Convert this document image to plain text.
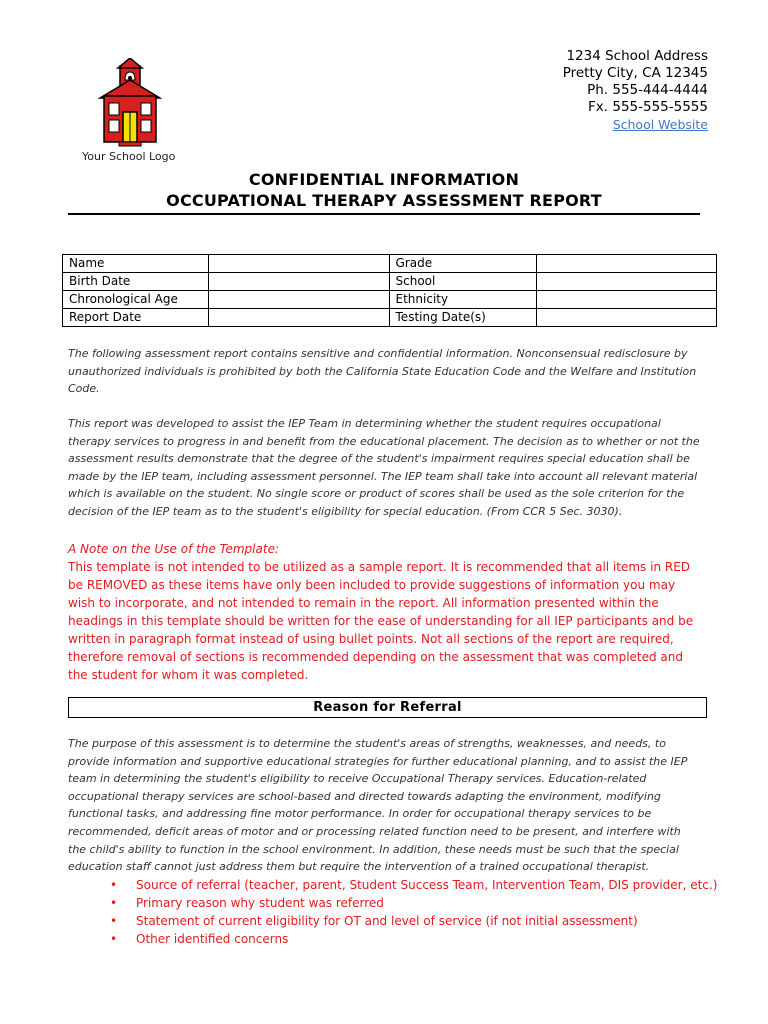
Your School Logo
1234 School Address
Pretty City, CA 12345
Ph. 555-444-4444
Fx. 555-555-5555
School Website
CONFIDENTIAL INFORMATION
OCCUPATIONAL THERAPY ASSESSMENT REPORT
Name		Grade	
Birth Date		School	
Chronological Age		Ethnicity	
Report Date		Testing Date(s)	
The following assessment report contains sensitive and confidential information. Nonconsensual redisclosure by unauthorized individuals is prohibited by both the California State Education Code and the Welfare and Institution Code.
This report was developed to assist the IEP Team in determining whether the student requires occupational therapy services to progress in and benefit from the educational placement. The decision as to whether or not the assessment results demonstrate that the degree of the student's impairment requires special education shall be made by the IEP team, including assessment personnel. The IEP team shall take into account all relevant material which is available on the student. No single score or product of scores shall be used as the sole criterion for the decision of the IEP team as to the student's eligibility for special education. (From CCR 5 Sec. 3030).
A Note on the Use of the Template:
This template is not intended to be utilized as a sample report. It is recommended that all items in RED be REMOVED as these items have only been included to provide suggestions of information you may wish to incorporate, and not intended to remain in the report. All information presented within the headings in this template should be written for the ease of understanding for all IEP participants and be written in paragraph format instead of using bullet points. Not all sections of the report are required, therefore removal of sections is recommended depending on the assessment that was completed and the student for whom it was completed.
Reason for Referral
The purpose of this assessment is to determine the student's areas of strengths, weaknesses, and needs, to provide information and supportive educational strategies for further educational planning, and to assist the IEP team in determining the student's eligibility to receive Occupational Therapy services. Education-related occupational therapy services are school-based and directed towards adapting the environment, modifying functional tasks, and addressing fine motor performance. In order for occupational therapy services to be recommended, deficit areas of motor and or processing related function need to be present, and interfere with the child's ability to function in the school environment. In addition, these needs must be such that the special education staff cannot just address them but require the intervention of a trained occupational therapist.
• Source of referral (teacher, parent, Student Success Team, Intervention Team, DIS provider, etc.)
• Primary reason why student was referred
• Statement of current eligibility for OT and level of service (if not initial assessment)
• Other identified concerns
